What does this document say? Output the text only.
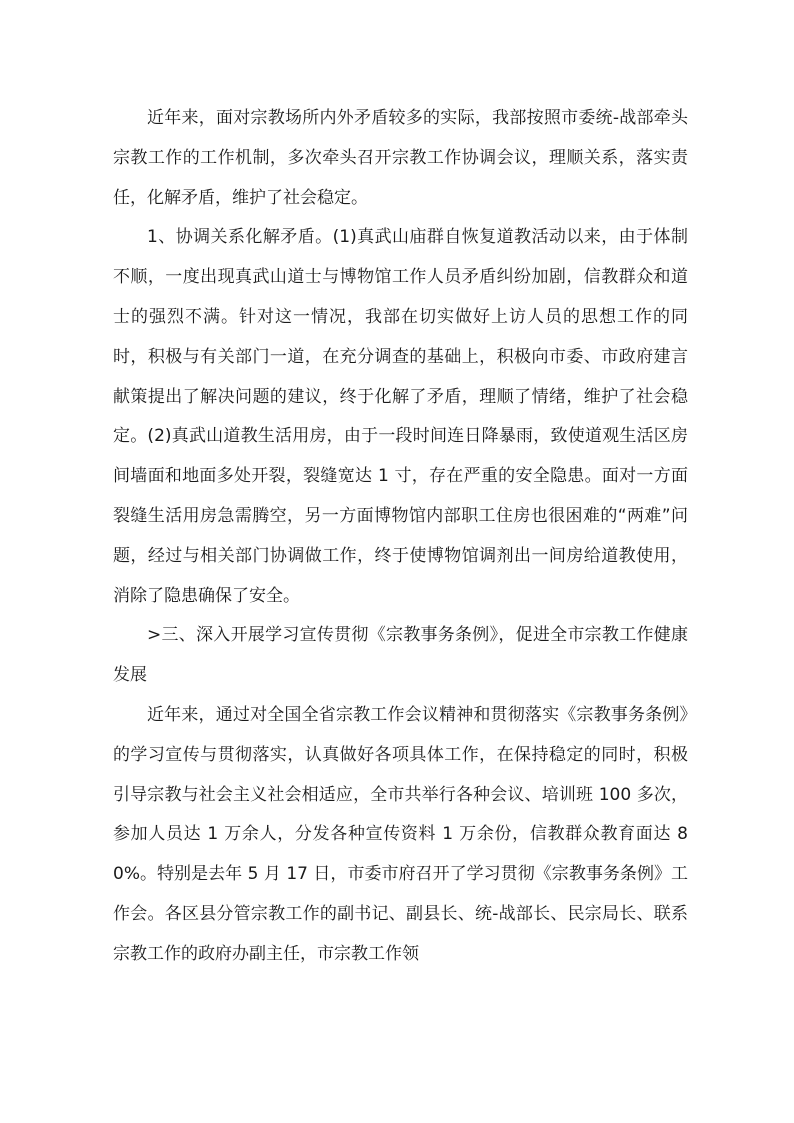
近年来，面对宗教场所内外矛盾较多的实际，我部按照市委统-战部牵头宗教工作的工作机制，多次牵头召开宗教工作协调会议，理顺关系，落实责任，化解矛盾，维护了社会稳定。

1、协调关系化解矛盾。(1)真武山庙群自恢复道教活动以来，由于体制不顺，一度出现真武山道士与博物馆工作人员矛盾纠纷加剧，信教群众和道士的强烈不满。针对这一情况，我部在切实做好上访人员的思想工作的同时，积极与有关部门一道，在充分调查的基础上，积极向市委、市政府建言献策提出了解决问题的建议，终于化解了矛盾，理顺了情绪，维护了社会稳定。(2)真武山道教生活用房，由于一段时间连日降暴雨，致使道观生活区房间墙面和地面多处开裂，裂缝宽达 1 寸，存在严重的安全隐患。面对一方面裂缝生活用房急需腾空，另一方面博物馆内部职工住房也很困难的“两难”问题，经过与相关部门协调做工作，终于使博物馆调剂出一间房给道教使用，消除了隐患确保了安全。

>三、深入开展学习宣传贯彻《宗教事务条例》，促进全市宗教工作健康发展

近年来，通过对全国全省宗教工作会议精神和贯彻落实《宗教事务条例》的学习宣传与贯彻落实，认真做好各项具体工作，在保持稳定的同时，积极引导宗教与社会主义社会相适应，全市共举行各种会议、培训班 100 多次，参加人员达 1 万余人，分发各种宣传资料 1 万余份，信教群众教育面达 80%。特别是去年 5 月 17 日，市委市府召开了学习贯彻《宗教事务条例》工作会。各区县分管宗教工作的副书记、副县长、统-战部长、民宗局长、联系宗教工作的政府办副主任，市宗教工作领
